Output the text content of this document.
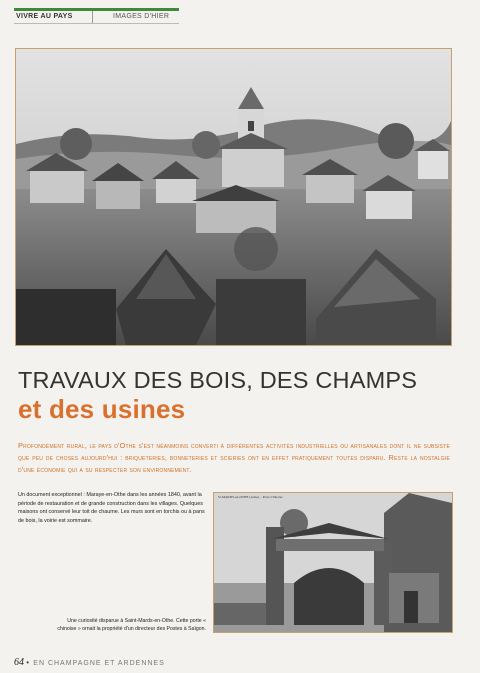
VIVRE AU PAYS	IMAGES D'HIER
TRAVAUX DES BOIS, DES CHAMPS
et des usines
Profondément rural, le pays d'Othe s'est néanmoins converti à différentes activités industrielles ou artisanales dont il ne subsiste que peu de choses aujourd'hui : briqueteries, bonneteries et scieries ont en effet pratiquement toutes disparu. Reste la nostalgie d'une économie qui a su respecter son environnement.
Un document exceptionnel : Maraye-en-Othe dans les années 1840, avant la période de restauration et de grande construction dans les villages. Quelques maisons ont conservé leur toit de chaume. Les murs sont en torchis ou à pans de bois, la voirie est sommaire.
St-MARDS-en-OTHE (Aube). - Porte Chinoise
Une curiosité disparue à Saint-Mards-en-Othe. Cette porte « chinoise » ornait la propriété d'un directeur des Postes à Saïgon.
64 • EN CHAMPAGNE ET ARDENNES
